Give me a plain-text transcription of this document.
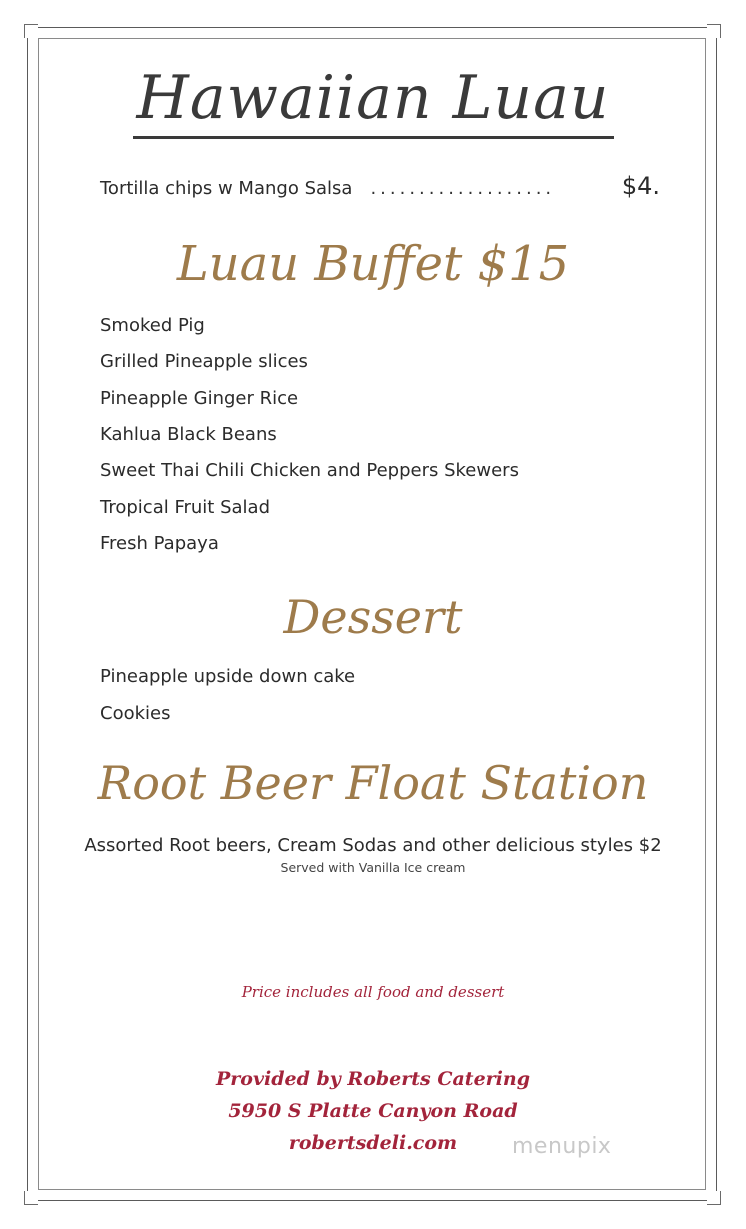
Hawaiian Luau
Tortilla chips w Mango Salsa ...................	$4.
Luau Buffet $15
Smoked Pig
Grilled Pineapple slices
Pineapple Ginger Rice
Kahlua Black Beans
Sweet Thai Chili Chicken and Peppers Skewers
Tropical Fruit Salad
Fresh Papaya
Dessert
Pineapple upside down cake
Cookies
Root Beer Float Station
Assorted Root beers, Cream Sodas and other delicious styles $2
Served with Vanilla Ice cream
Price includes all food and dessert
Provided by Roberts Catering
5950 S Platte Canyon Road
robertsdeli.com	menupix
